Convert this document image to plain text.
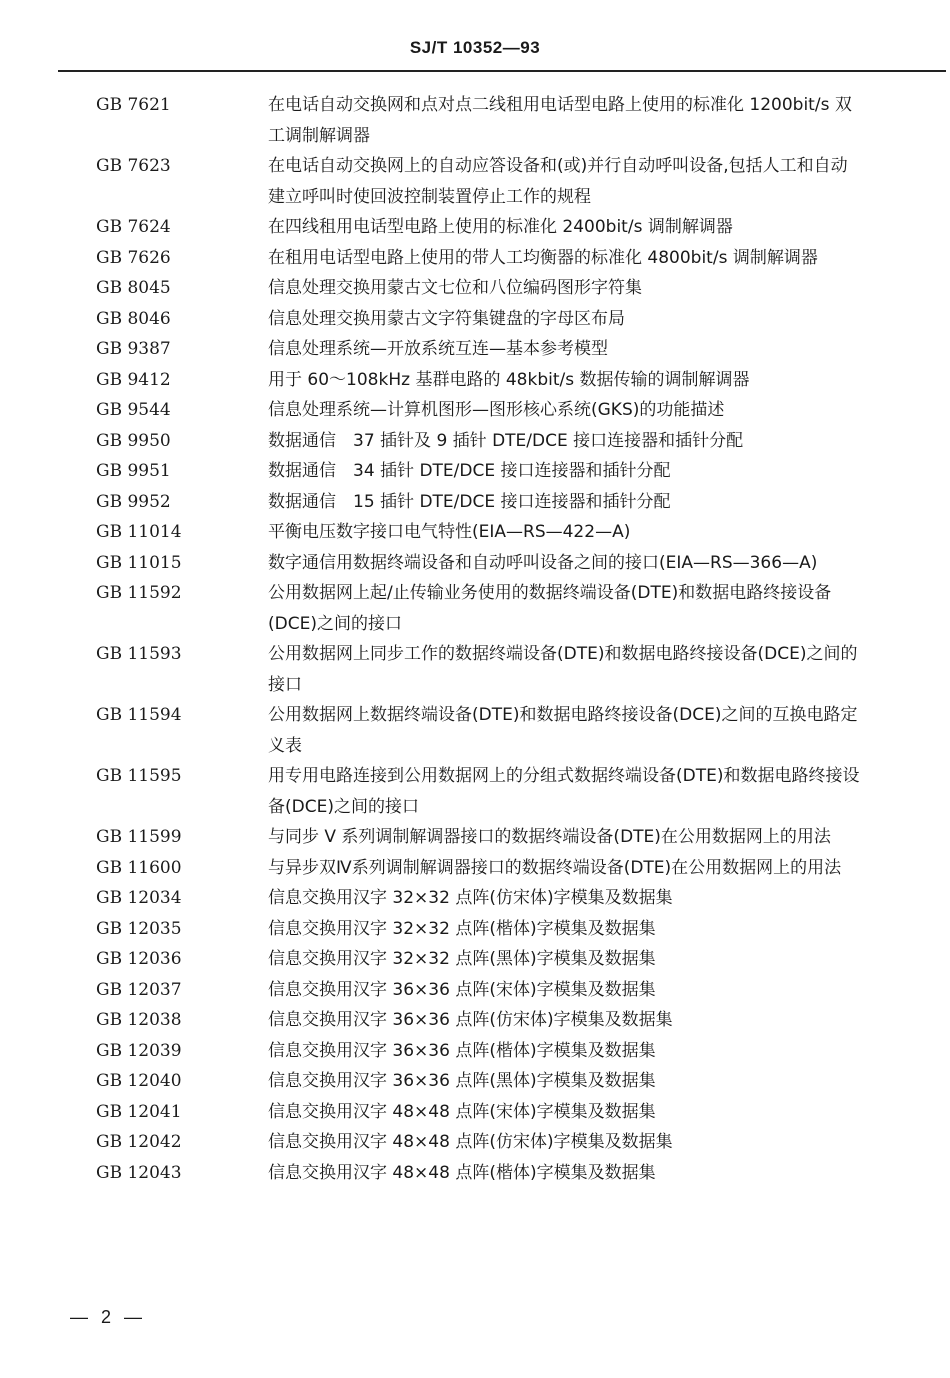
SJ/T 10352—93
GB 7621	在电话自动交换网和点对点二线租用电话型电路上使用的标准化 1200bit/s 双工调制解调器
GB 7623	在电话自动交换网上的自动应答设备和(或)并行自动呼叫设备,包括人工和自动建立呼叫时使回波控制装置停止工作的规程
GB 7624	在四线租用电话型电路上使用的标准化 2400bit/s 调制解调器
GB 7626	在租用电话型电路上使用的带人工均衡器的标准化 4800bit/s 调制解调器
GB 8045	信息处理交换用蒙古文七位和八位编码图形字符集
GB 8046	信息处理交换用蒙古文字符集键盘的字母区布局
GB 9387	信息处理系统—开放系统互连—基本参考模型
GB 9412	用于 60～108kHz 基群电路的 48kbit/s 数据传输的调制解调器
GB 9544	信息处理系统—计算机图形—图形核心系统(GKS)的功能描述
GB 9950	数据通信　37 插针及 9 插针 DTE/DCE 接口连接器和插针分配
GB 9951	数据通信　34 插针 DTE/DCE 接口连接器和插针分配
GB 9952	数据通信　15 插针 DTE/DCE 接口连接器和插针分配
GB 11014	平衡电压数字接口电气特性(EIA—RS—422—A)
GB 11015	数字通信用数据终端设备和自动呼叫设备之间的接口(EIA—RS—366—A)
GB 11592	公用数据网上起/止传输业务使用的数据终端设备(DTE)和数据电路终接设备(DCE)之间的接口
GB 11593	公用数据网上同步工作的数据终端设备(DTE)和数据电路终接设备(DCE)之间的接口
GB 11594	公用数据网上数据终端设备(DTE)和数据电路终接设备(DCE)之间的互换电路定义表
GB 11595	用专用电路连接到公用数据网上的分组式数据终端设备(DTE)和数据电路终接设备(DCE)之间的接口
GB 11599	与同步 V 系列调制解调器接口的数据终端设备(DTE)在公用数据网上的用法
GB 11600	与异步双Ⅳ系列调制解调器接口的数据终端设备(DTE)在公用数据网上的用法
GB 12034	信息交换用汉字 32×32 点阵(仿宋体)字模集及数据集
GB 12035	信息交换用汉字 32×32 点阵(楷体)字模集及数据集
GB 12036	信息交换用汉字 32×32 点阵(黑体)字模集及数据集
GB 12037	信息交换用汉字 36×36 点阵(宋体)字模集及数据集
GB 12038	信息交换用汉字 36×36 点阵(仿宋体)字模集及数据集
GB 12039	信息交换用汉字 36×36 点阵(楷体)字模集及数据集
GB 12040	信息交换用汉字 36×36 点阵(黑体)字模集及数据集
GB 12041	信息交换用汉字 48×48 点阵(宋体)字模集及数据集
GB 12042	信息交换用汉字 48×48 点阵(仿宋体)字模集及数据集
GB 12043	信息交换用汉字 48×48 点阵(楷体)字模集及数据集
— 2 —
